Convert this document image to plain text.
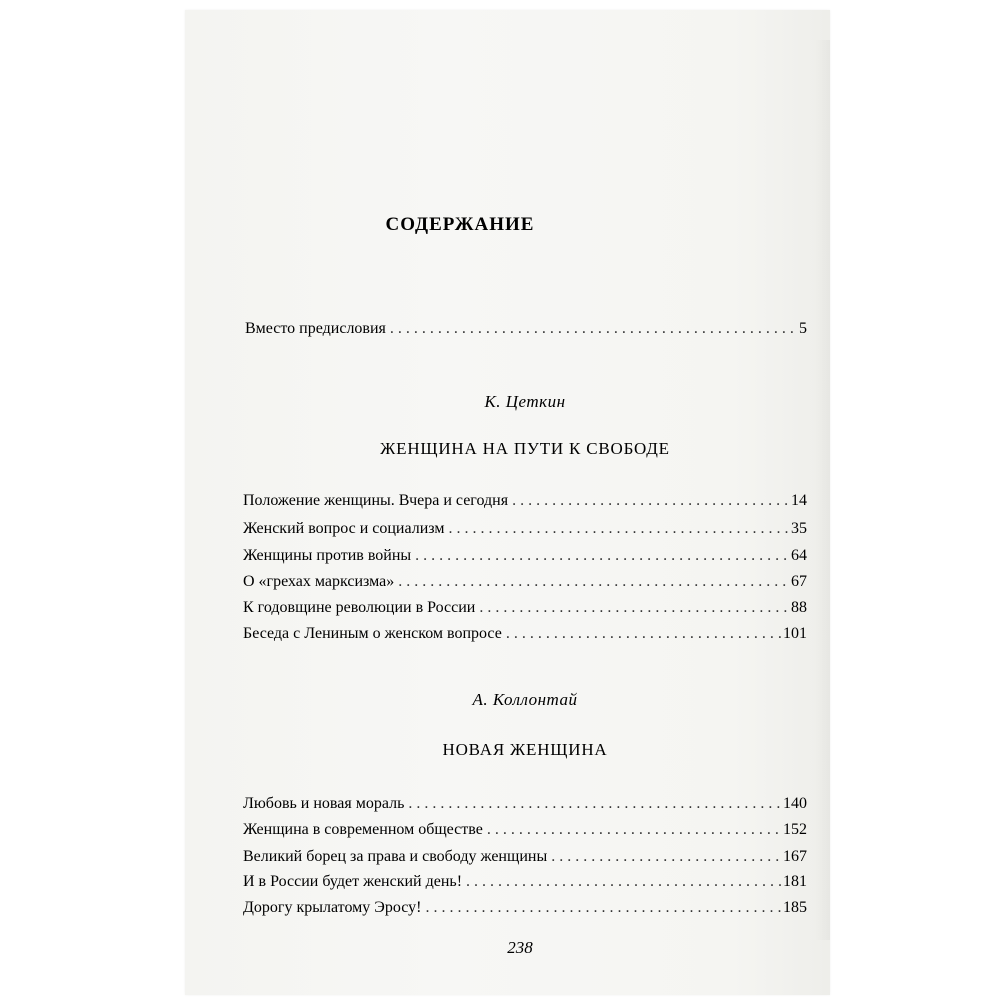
СОДЕРЖАНИЕ
Вместо предисловия . . .	5
К. Цеткин
ЖЕНЩИНА НА ПУТИ К СВОБОДЕ
Положение женщины. Вчера и сегодня . . .	14
Женский вопрос и социализм . . .	35
Женщины против войны . . .	64
О «грехах марксизма» . . .	67
К годовщине революции в России . . .	88
Беседа с Лениным о женском вопросе . . .	101
А. Коллонтай
НОВАЯ ЖЕНЩИНА
Любовь и новая мораль . . .	140
Женщина в современном обществе . . .	152
Великий борец за права и свободу женщины . . .	167
И в России будет женский день! . . .	181
Дорогу крылатому Эросу! . . .	185
238
